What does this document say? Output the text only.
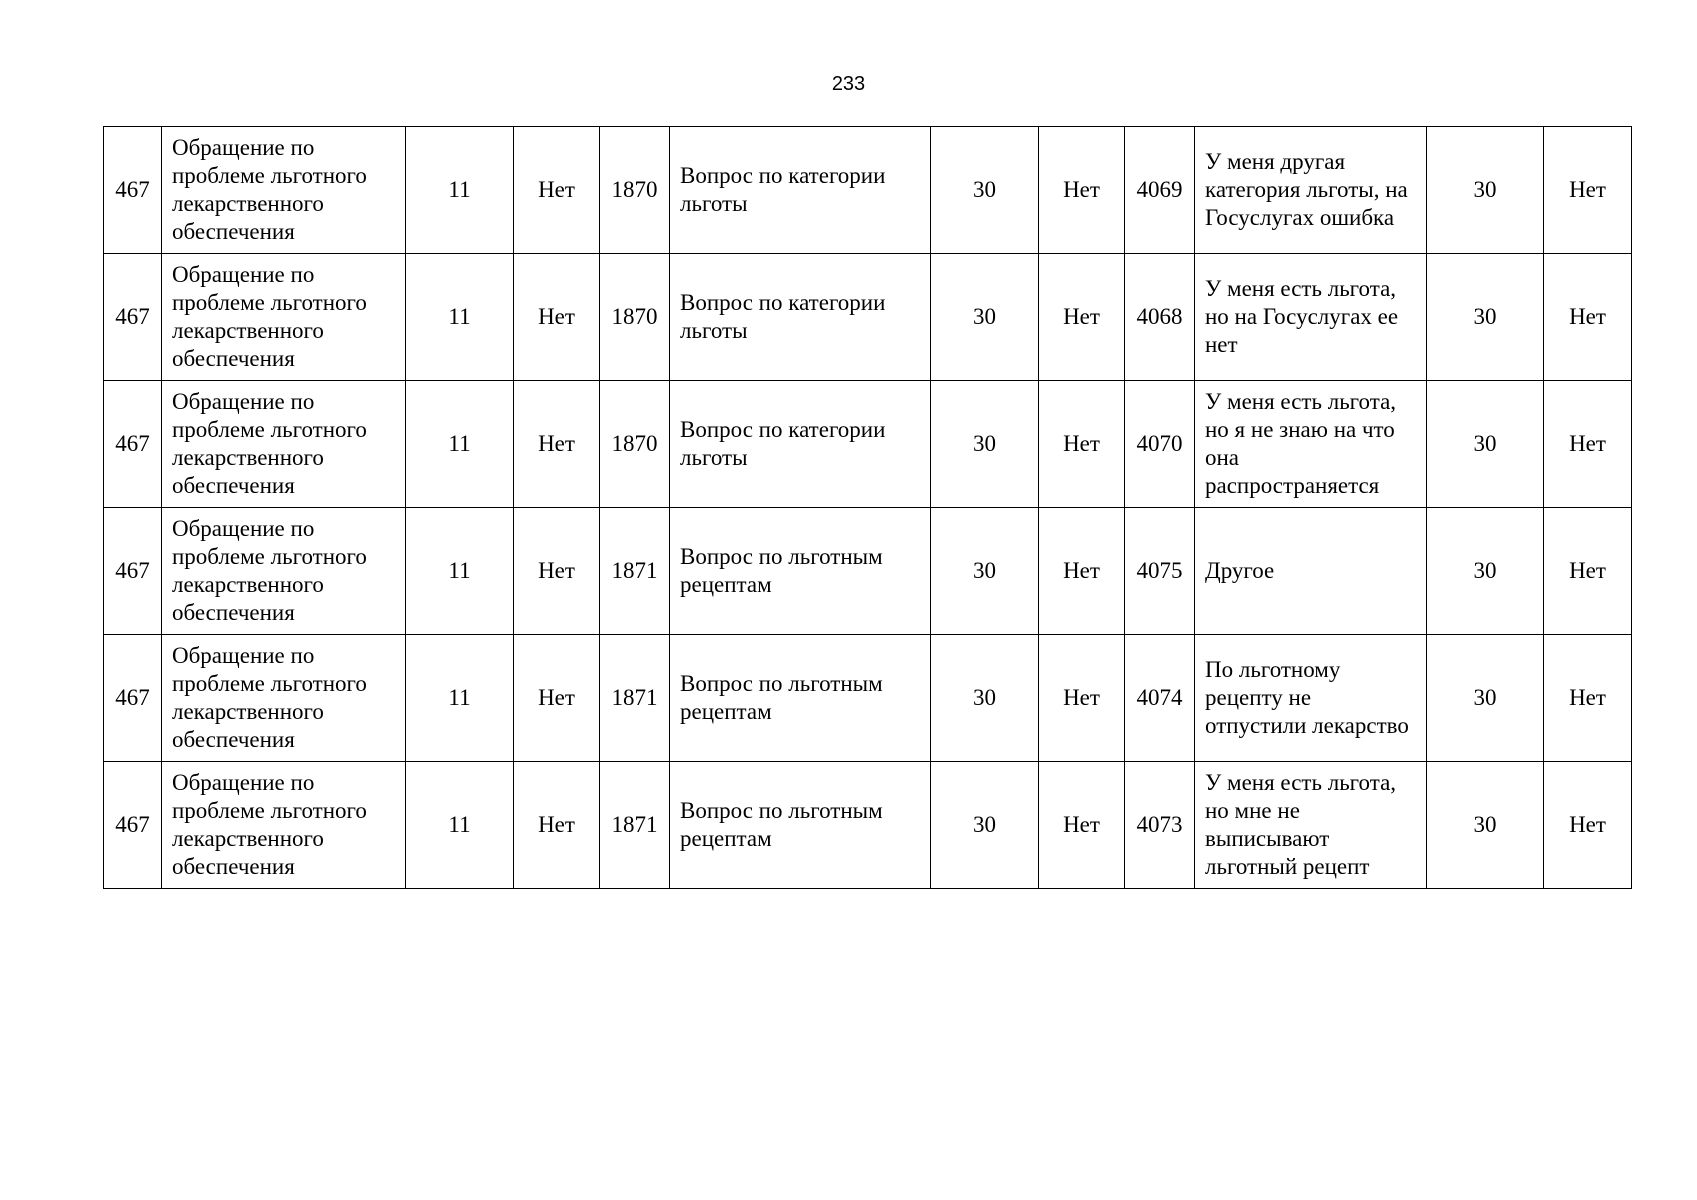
233
467	Обращение по проблеме льготного лекарственного обеспечения	11	Нет	1870	Вопрос по категории льготы	30	Нет	4069	У меня другая категория льготы, на Госуслугах ошибка	30	Нет
467	Обращение по проблеме льготного лекарственного обеспечения	11	Нет	1870	Вопрос по категории льготы	30	Нет	4068	У меня есть льгота, но на Госуслугах ее нет	30	Нет
467	Обращение по проблеме льготного лекарственного обеспечения	11	Нет	1870	Вопрос по категории льготы	30	Нет	4070	У меня есть льгота, но я не знаю на что она распространяется	30	Нет
467	Обращение по проблеме льготного лекарственного обеспечения	11	Нет	1871	Вопрос по льготным рецептам	30	Нет	4075	Другое	30	Нет
467	Обращение по проблеме льготного лекарственного обеспечения	11	Нет	1871	Вопрос по льготным рецептам	30	Нет	4074	По льготному рецепту не отпустили лекарство	30	Нет
467	Обращение по проблеме льготного лекарственного обеспечения	11	Нет	1871	Вопрос по льготным рецептам	30	Нет	4073	У меня есть льгота, но мне не выписывают льготный рецепт	30	Нет
